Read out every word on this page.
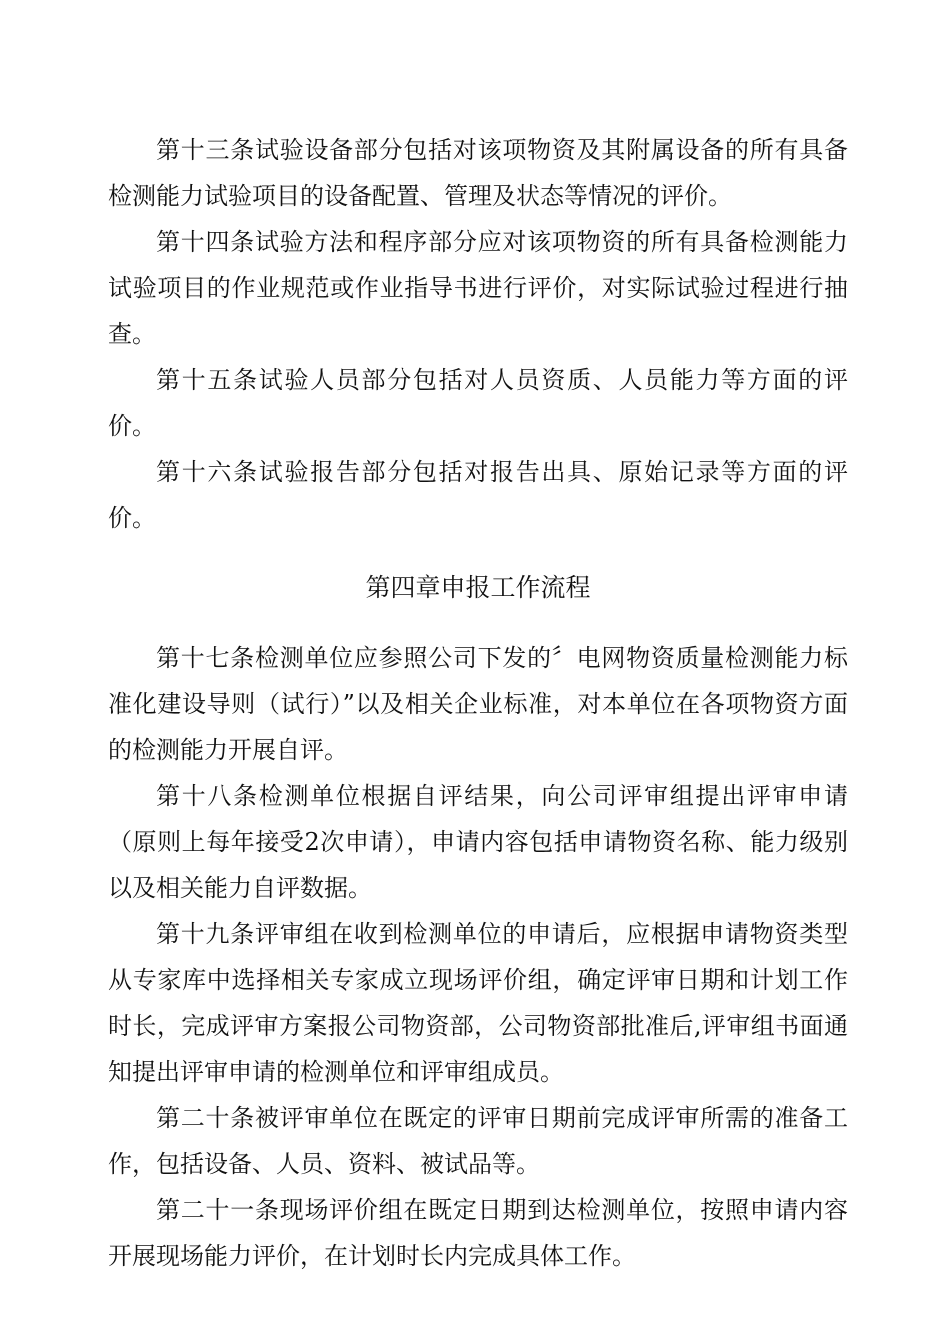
第十三条试验设备部分包括对该项物资及其附属设备的所有具备检测能力试验项目的设备配置、管理及状态等情况的评价。

第十四条试验方法和程序部分应对该项物资的所有具备检测能力试验项目的作业规范或作业指导书进行评价，对实际试验过程进行抽查。

第十五条试验人员部分包括对人员资质、人员能力等方面的评价。

第十六条试验报告部分包括对报告出具、原始记录等方面的评价。

第四章申报工作流程

第十七条检测单位应参照公司下发的〞电网物资质量检测能力标准化建设导则（试行）”以及相关企业标准，对本单位在各项物资方面的检测能力开展自评。

第十八条检测单位根据自评结果，向公司评审组提出评审申请（原则上每年接受2次申请），申请内容包括申请物资名称、能力级别以及相关能力自评数据。

第十九条评审组在收到检测单位的申请后，应根据申请物资类型从专家库中选择相关专家成立现场评价组，确定评审日期和计划工作时长，完成评审方案报公司物资部，公司物资部批准后,评审组书面通知提出评审申请的检测单位和评审组成员。

第二十条被评审单位在既定的评审日期前完成评审所需的准备工作，包括设备、人员、资料、被试品等。

第二十一条现场评价组在既定日期到达检测单位，按照申请内容开展现场能力评价，在计划时长内完成具体工作。
